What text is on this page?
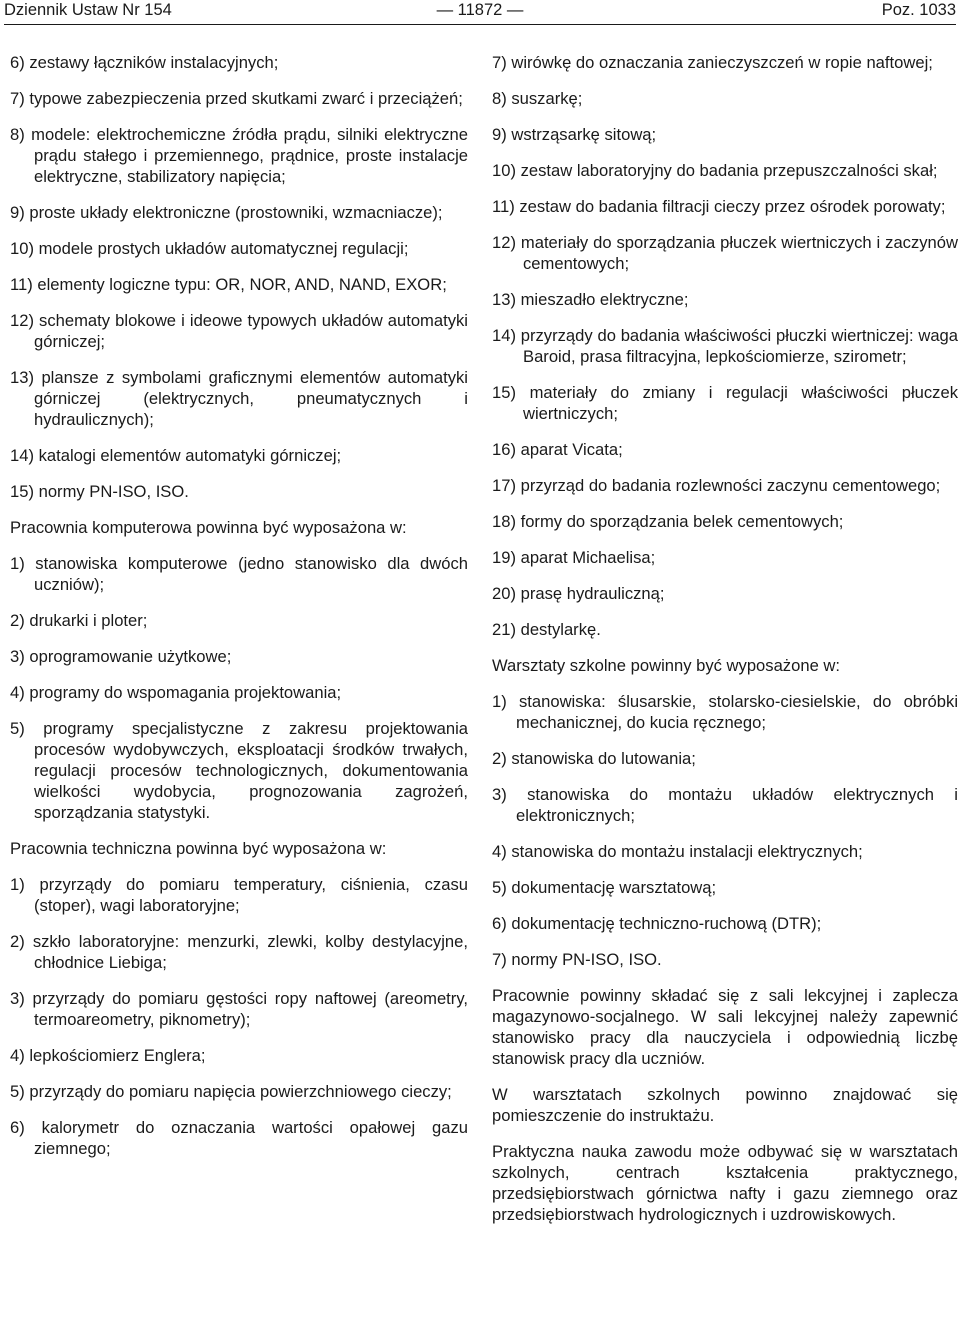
Dziennik Ustaw Nr 154	— 11872 —	Poz. 1033

6) zestawy łączników instalacyjnych;

7) typowe zabezpieczenia przed skutkami zwarć i przeciążeń;

8) modele: elektrochemiczne źródła prądu, silniki elektryczne prądu stałego i przemiennego, prądnice, proste instalacje elektryczne, stabilizatory napięcia;

9) proste układy elektroniczne (prostowniki, wzmacniacze);

10) modele prostych układów automatycznej regulacji;

11) elementy logiczne typu: OR, NOR, AND, NAND, EXOR;

12) schematy blokowe i ideowe typowych układów automatyki górniczej;

13) plansze z symbolami graficznymi elementów automatyki górniczej (elektrycznych, pneumatycznych i hydraulicznych);

14) katalogi elementów automatyki górniczej;

15) normy PN-ISO, ISO.

Pracownia komputerowa powinna być wyposażona w:

1) stanowiska komputerowe (jedno stanowisko dla dwóch uczniów);

2) drukarki i ploter;

3) oprogramowanie użytkowe;

4) programy do wspomagania projektowania;

5) programy specjalistyczne z zakresu projektowania procesów wydobywczych, eksploatacji środków trwałych, regulacji procesów technologicznych, dokumentowania wielkości wydobycia, prognozowania zagrożeń, sporządzania statystyki.

Pracownia techniczna powinna być wyposażona w:

1) przyrządy do pomiaru temperatury, ciśnienia, czasu (stoper), wagi laboratoryjne;

2) szkło laboratoryjne: menzurki, zlewki, kolby destylacyjne, chłodnice Liebiga;

3) przyrządy do pomiaru gęstości ropy naftowej (areometry, termoareometry, piknometry);

4) lepkościomierz Englera;

5) przyrządy do pomiaru napięcia powierzchniowego cieczy;

6) kalorymetr do oznaczania wartości opałowej gazu ziemnego;

7) wirówkę do oznaczania zanieczyszczeń w ropie naftowej;

8) suszarkę;

9) wstrząsarkę sitową;

10) zestaw laboratoryjny do badania przepuszczalności skał;

11) zestaw do badania filtracji cieczy przez ośrodek porowaty;

12) materiały do sporządzania płuczek wiertniczych i zaczynów cementowych;

13) mieszadło elektryczne;

14) przyrządy do badania właściwości płuczki wiertniczej: waga Baroid, prasa filtracyjna, lepkościomierze, szirometr;

15) materiały do zmiany i regulacji właściwości płuczek wiertniczych;

16) aparat Vicata;

17) przyrząd do badania rozlewności zaczynu cementowego;

18) formy do sporządzania belek cementowych;

19) aparat Michaelisa;

20) prasę hydrauliczną;

21) destylarkę.

Warsztaty szkolne powinny być wyposażone w:

1) stanowiska: ślusarskie, stolarsko-ciesielskie, do obróbki mechanicznej, do kucia ręcznego;

2) stanowiska do lutowania;

3) stanowiska do montażu układów elektrycznych i elektronicznych;

4) stanowiska do montażu instalacji elektrycznych;

5) dokumentację warsztatową;

6) dokumentację techniczno-ruchową (DTR);

7) normy PN-ISO, ISO.

Pracownie powinny składać się z sali lekcyjnej i zaplecza magazynowo-socjalnego. W sali lekcyjnej należy zapewnić stanowisko pracy dla nauczyciela i odpowiednią liczbę stanowisk pracy dla uczniów.

W warsztatach szkolnych powinno znajdować się pomieszczenie do instruktażu.

Praktyczna nauka zawodu może odbywać się w warsztatach szkolnych, centrach kształcenia praktycznego, przedsiębiorstwach górnictwa nafty i gazu ziemnego oraz przedsiębiorstwach hydrologicznych i uzdrowiskowych.
